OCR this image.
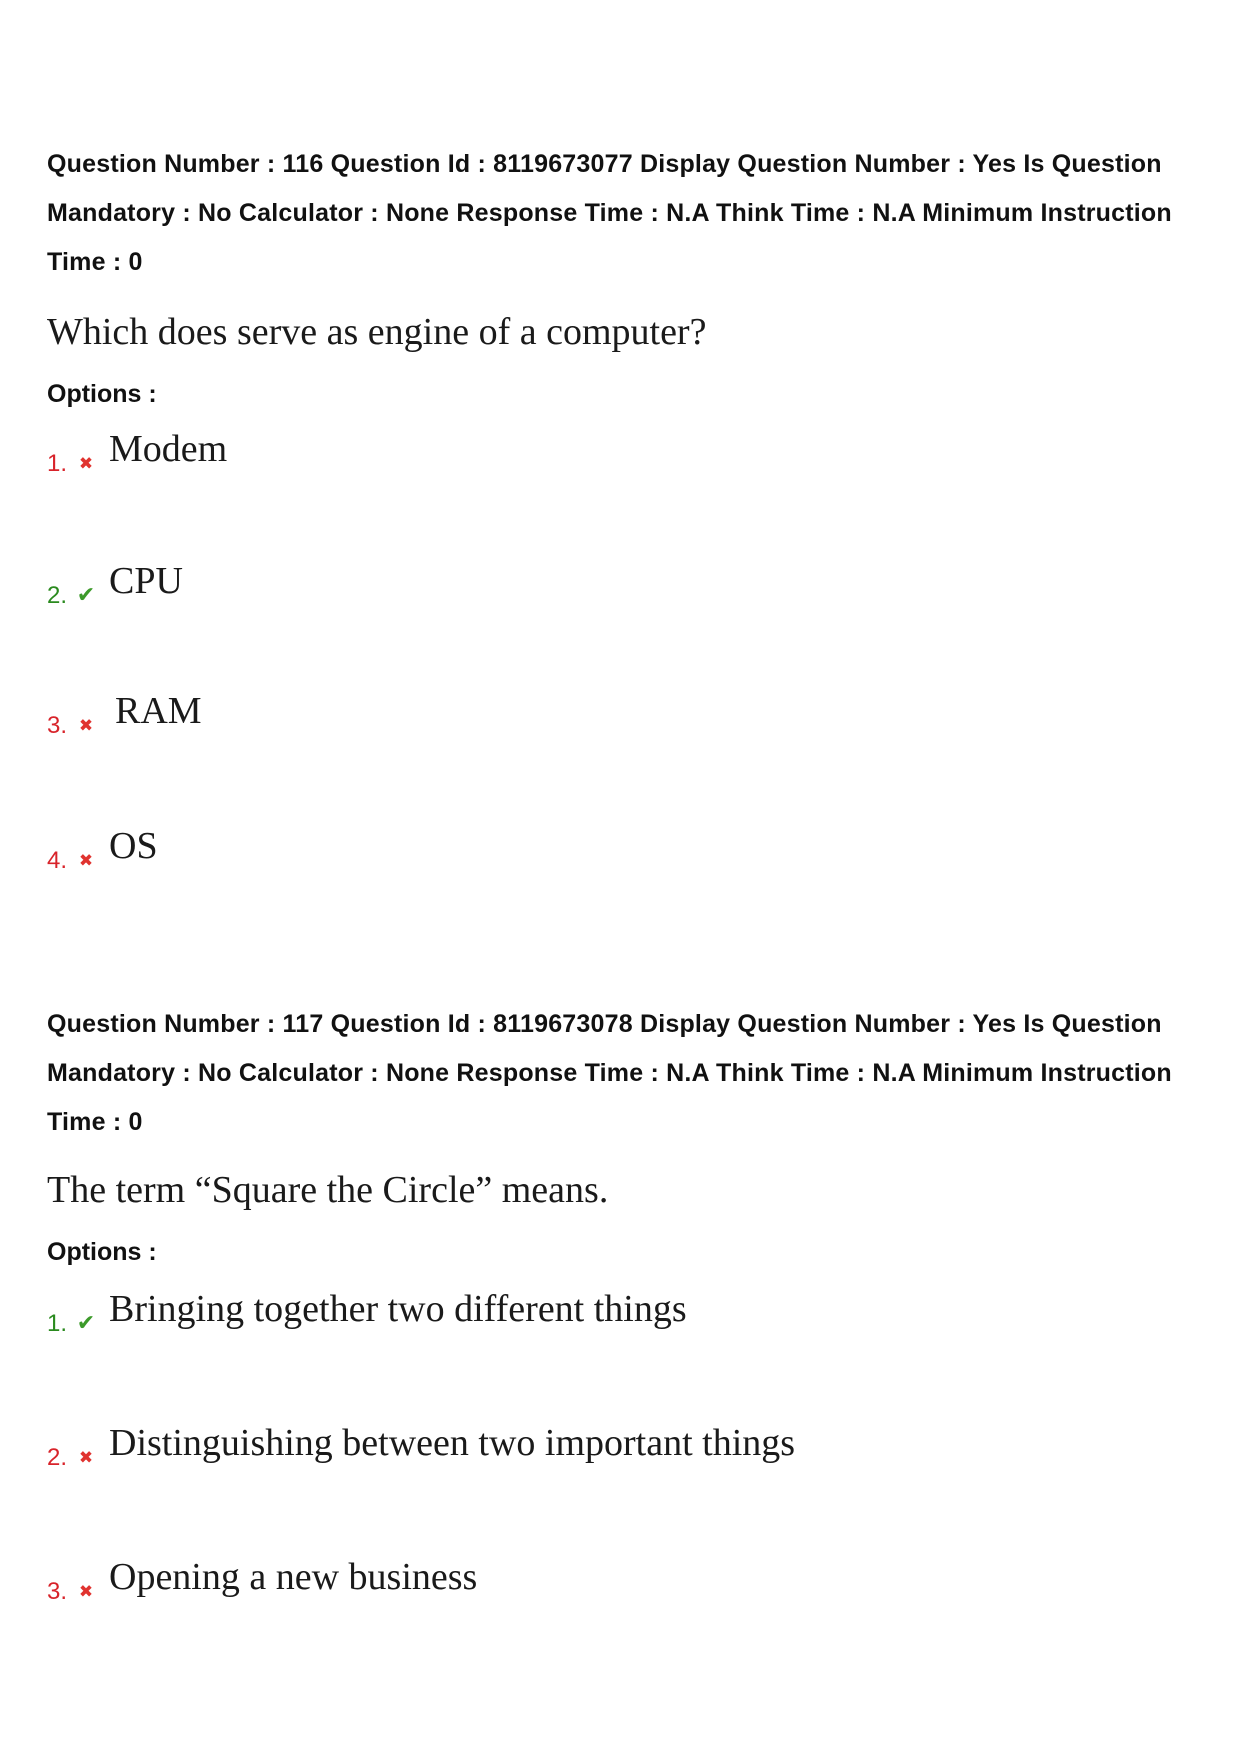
Question Number : 116 Question Id : 8119673077 Display Question Number : Yes Is Question

Mandatory : No Calculator : None Response Time : N.A Think Time : N.A Minimum Instruction

Time : 0

Which does serve as engine of a computer?

Options :

1. ✖ Modem
2. ✔ CPU
3. ✖ RAM
4. ✖ OS

Question Number : 117 Question Id : 8119673078 Display Question Number : Yes Is Question

Mandatory : No Calculator : None Response Time : N.A Think Time : N.A Minimum Instruction

Time : 0

The term “Square the Circle” means.

Options :

1. ✔ Bringing together two different things
2. ✖ Distinguishing between two important things
3. ✖ Opening a new business
